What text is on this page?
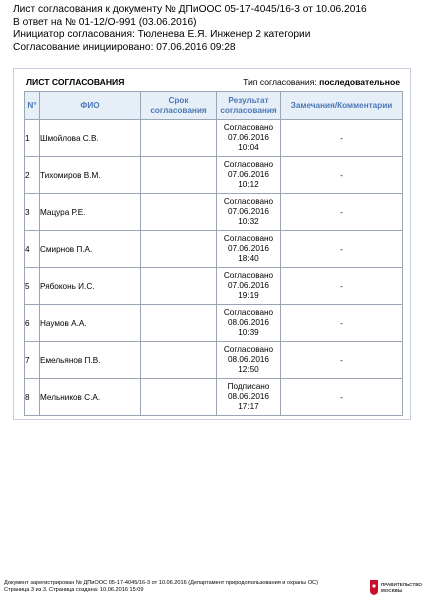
Лист согласования к документу № ДПиООС 05-17-4045/16-3 от 10.06.2016
В ответ на № 01-12/О-991 (03.06.2016)
Инициатор согласования: Тюленева Е.Я. Инженер 2 категории
Согласование инициировано: 07.06.2016 09:28
ЛИСТ СОГЛАСОВАНИЯ	Тип согласования: последовательное
N°	ФИО	Срок согласования	Результат согласования	Замечания/Комментарии
1	Шмойлова С.В.		Согласовано
07.06.2016
10:04	-
2	Тихомиров В.М.		Согласовано
07.06.2016
10:12	-
3	Мацура Р.Е.		Согласовано
07.06.2016
10:32	-
4	Смирнов П.А.		Согласовано
07.06.2016
18:40	-
5	Рябоконь И.С.		Согласовано
07.06.2016
19:19	-
6	Наумов А.А.		Согласовано
08.06.2016
10:39	-
7	Емельянов П.В.		Согласовано
08.06.2016
12:50	-
8	Мельников С.А.		Подписано
08.06.2016
17:17	-
Документ зарегистрирован № ДПиООС 05-17-4045/16-3 от 10.06.2016 (Департамент природопользования и охраны ОС)
Страница 3 из 3. Страница создана: 10.06.2016 15:09
ПРАВИТЕЛЬСТВО
МОСКВЫ
